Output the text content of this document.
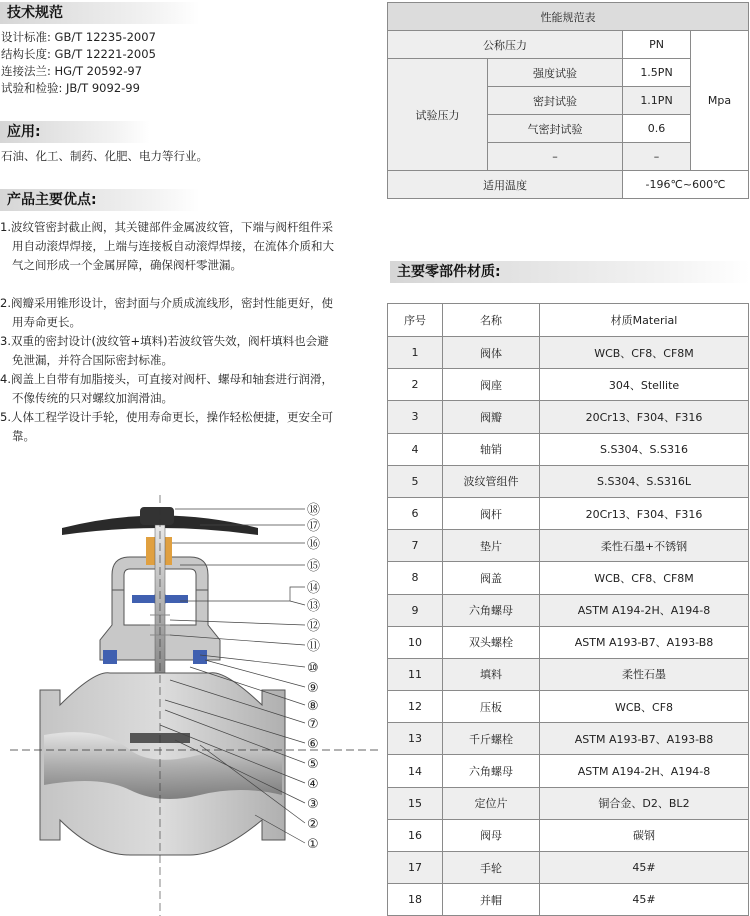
技术规范
设计标准: GB/T 12235-2007
结构长度: GB/T 12221-2005
连接法兰: HG/T 20592-97
试验和检验: JB/T 9092-99
应用:
石油、化工、制药、化肥、电力等行业。
产品主要优点:
1.波纹管密封截止阀，其关键部件金属波纹管，下端与阀杆组件采用自动滚焊焊接，上端与连接板自动滚焊焊接，在流体介质和大气之间形成一个金属屏障，确保阀杆零泄漏。
2.阀瓣采用锥形设计，密封面与介质成流线形，密封性能更好，使用寿命更长。
3.双重的密封设计(波纹管+填料)若波纹管失效，阀杆填料也会避免泄漏，并符合国际密封标准。
4.阀盖上自带有加脂接头，可直接对阀杆、螺母和轴套进行润滑，不像传统的只对螺纹加润滑油。
5.人体工程学设计手轮，使用寿命更长，操作轻松便捷，更安全可靠。
⑱
⑰
⑯
⑮
⑭
⑬
⑫
⑪
⑩
⑨
⑧
⑦
⑥
⑤
④
③
②
①
性能规范表			
公称压力		PN	Mpa
试验压力	强度试验	1.5PN	
	密封试验	1.1PN	
	气密封试验	0.6	
	–	–	
适用温度		-196℃~600℃	
主要零部件材质:
序号	名称	材质Material
1	阀体	WCB、CF8、CF8M
2	阀座	304、Stellite
3	阀瓣	20Cr13、F304、F316
4	轴销	S.S304、S.S316
5	波纹管组件	S.S304、S.S316L
6	阀杆	20Cr13、F304、F316
7	垫片	柔性石墨+不锈钢
8	阀盖	WCB、CF8、CF8M
9	六角螺母	ASTM A194-2H、A194-8
10	双头螺栓	ASTM A193-B7、A193-B8
11	填料	柔性石墨
12	压板	WCB、CF8
13	千斤螺栓	ASTM A193-B7、A193-B8
14	六角螺母	ASTM A194-2H、A194-8
15	定位片	铜合金、D2、BL2
16	阀母	碳钢
17	手轮	45#
18	并帽	45#
